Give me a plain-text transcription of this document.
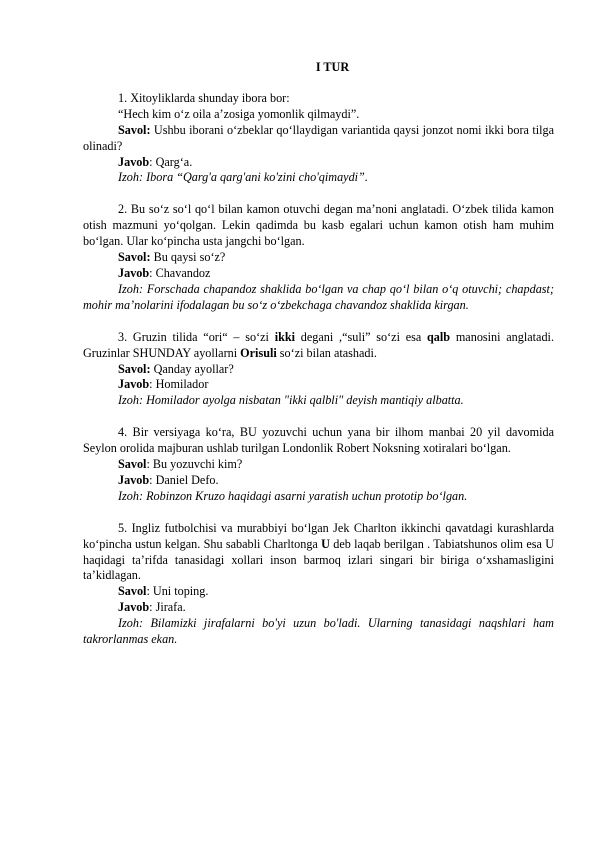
I TUR
1. Xitoyliklarda shunday ibora bor:
“Hech kim o‘z oila a’zosiga yomonlik qilmaydi”.
Savol: Ushbu iborani o‘zbeklar qo‘llaydigan variantida qaysi jonzot nomi ikki bora tilga olinadi?
Javob: Qarg‘a.
Izoh: Ibora “Qarg'a qarg'ani ko'zini cho'qimaydi”.
2. Bu so‘z so‘l qo‘l bilan kamon otuvchi degan ma’noni anglatadi. O‘zbek tilida kamon otish mazmuni yo‘qolgan. Lekin qadimda bu kasb egalari uchun kamon otish ham muhim bo‘lgan. Ular ko‘pincha usta jangchi bo‘lgan.
Savol: Bu qaysi so‘z?
Javob: Chavandoz
Izoh: Forschada chapandoz shaklida bo‘lgan va chap qo‘l bilan o‘q otuvchi; chapdast; mohir ma’nolarini ifodalagan bu so‘z o‘zbekchaga chavandoz shaklida kirgan.
3. Gruzin tilida “ori“ – so‘zi ikki degani ,“suli” so‘zi esa qalb manosini anglatadi. Gruzinlar SHUNDAY ayollarni Orisuli so‘zi bilan atashadi.
Savol: Qanday ayollar?
Javob: Homilador
Izoh: Homilador ayolga nisbatan "ikki qalbli" deyish mantiqiy albatta.
4. Bir versiyaga ko‘ra, BU yozuvchi uchun yana bir ilhom manbai 20 yil davomida Seylon orolida majburan ushlab turilgan Londonlik Robert Noksning xotiralari bo‘lgan.
Savol: Bu yozuvchi kim?
Javob: Daniel Defo.
Izoh: Robinzon Kruzo haqidagi asarni yaratish uchun prototip bo‘lgan.
5. Ingliz futbolchisi va murabbiyi bo‘lgan Jek Charlton ikkinchi qavatdagi kurashlarda ko‘pincha ustun kelgan. Shu sababli Charltonga U deb laqab berilgan . Tabiatshunos olim esa U haqidagi ta’rifda tanasidagi xollari inson barmoq izlari singari bir biriga o‘xshamasligini ta’kidlagan.
Savol: Uni toping.
Javob: Jirafa.
Izoh: Bilamizki jirafalarni bo'yi uzun bo'ladi. Ularning tanasidagi naqshlari ham takrorlanmas ekan.
